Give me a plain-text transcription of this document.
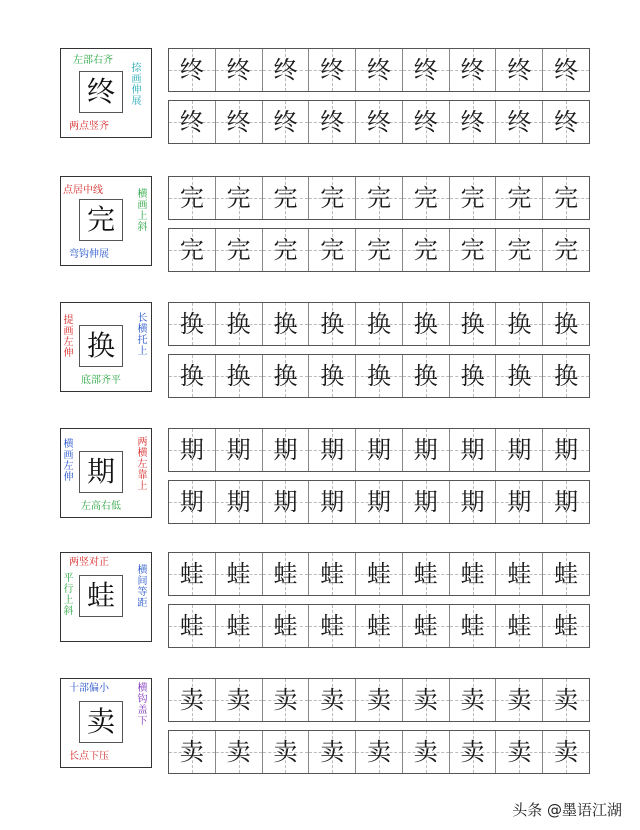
终
左部右齐
捺画伸展
两点竖齐
终 终 终 终 终 终 终 终 终
终 终 终 终 终 终 终 终 终
完
点居中线	横画上斜
弯钩伸展
完 完 完 完 完 完 完 完 完
完 完 完 完 完 完 完 完 完
换
提画左伸
长横托上
底部齐平
换 换 换 换 换 换 换 换 换
换 换 换 换 换 换 换 换 换
期
横画左伸
两横左靠上
左高右低
期 期 期 期 期 期 期 期 期
期 期 期 期 期 期 期 期 期
蛙
两竖对正
横间等距
平行上斜
蛙 蛙 蛙 蛙 蛙 蛙 蛙 蛙 蛙
蛙 蛙 蛙 蛙 蛙 蛙 蛙 蛙 蛙
卖
十部偏小	横钩盖下
长点下压
卖 卖 卖 卖 卖 卖 卖 卖 卖
卖 卖 卖 卖 卖 卖 卖 卖 卖
头条 @墨语江湖
